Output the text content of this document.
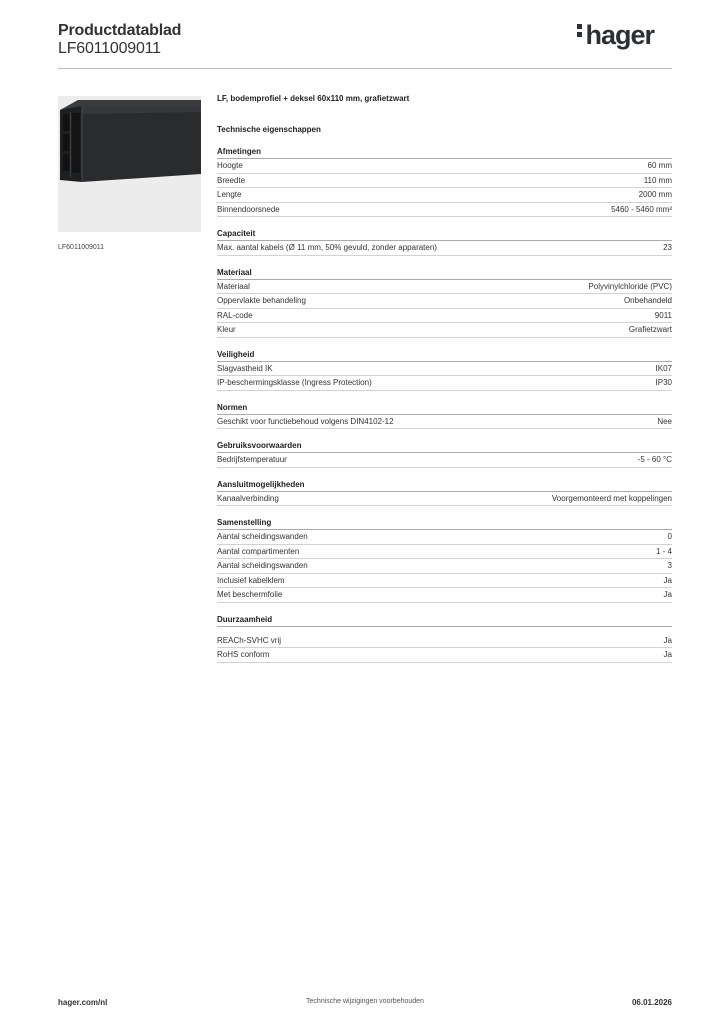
Productdatablad
LF6011009011	hager
LF6011009011
LF, bodemprofiel + deksel 60x110 mm, grafietzwart
Technische eigenschappen
Afmetingen
Hoogte	60 mm
Breedte	110 mm
Lengte	2000 mm
Binnendoorsnede	5460 - 5460 mm²
Capaciteit
Max. aantal kabels (Ø 11 mm, 50% gevuld, zonder apparaten)	23
Materiaal
Materiaal	Polyvinylchloride (PVC)
Oppervlakte behandeling	Onbehandeld
RAL-code	9011
Kleur	Grafietzwart
Veiligheid
Slagvastheid IK	IK07
IP-beschermingsklasse (Ingress Protection)	IP30
Normen
Geschikt voor functiebehoud volgens DIN4102-12	Nee
Gebruiksvoorwaarden
Bedrijfstemperatuur	-5 - 60 °C
Aansluitmogelijkheden
Kanaalverbinding	Voorgemonteerd met koppelingen
Samenstelling
Aantal scheidingswanden	0
Aantal compartimenten	1 - 4
Aantal scheidingswanden	3
Inclusief kabelklem	Ja
Met beschermfolie	Ja
Duurzaamheid
REACh-SVHC vrij	Ja
RoHS conform	Ja
hager.com/nl	Technische wijzigingen voorbehouden	06.01.2026
